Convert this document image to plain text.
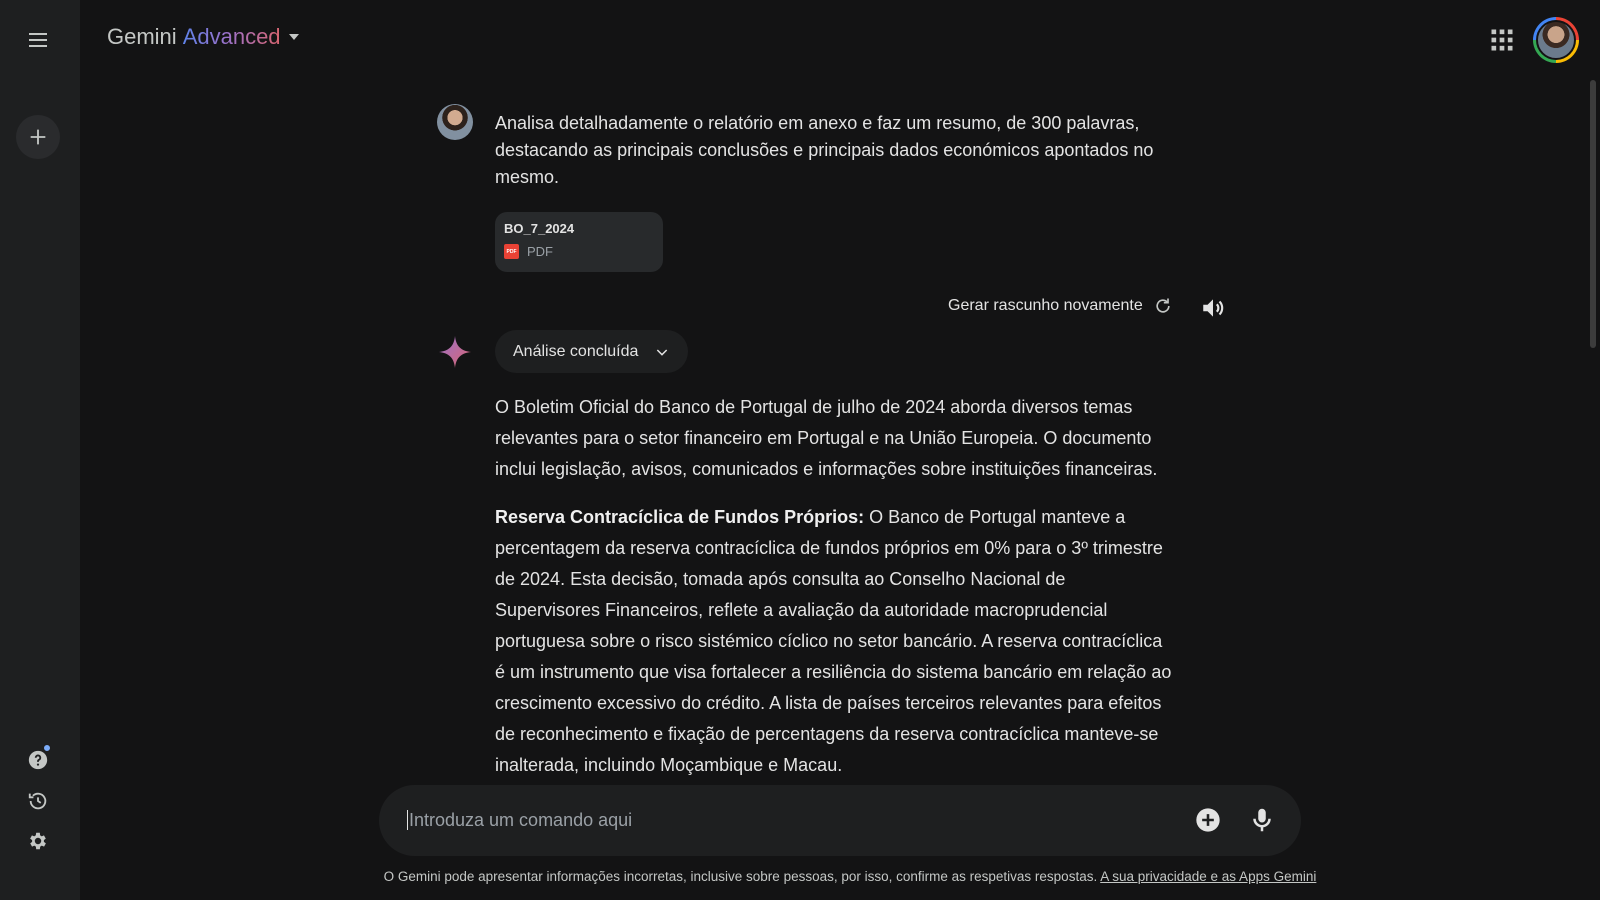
Gemini Advanced
Analisa detalhadamente o relatório em anexo e faz um resumo, de 300 palavras, destacando as principais conclusões e principais dados económicos apontados no mesmo.
BO_7_2024
PDF PDF
Gerar rascunho novamente
Análise concluída

O Boletim Oficial do Banco de Portugal de julho de 2024 aborda diversos temas relevantes para o setor financeiro em Portugal e na União Europeia. O documento inclui legislação, avisos, comunicados e informações sobre instituições financeiras.

Reserva Contracíclica de Fundos Próprios: O Banco de Portugal manteve a percentagem da reserva contracíclica de fundos próprios em 0% para o 3º trimestre de 2024. Esta decisão, tomada após consulta ao Conselho Nacional de Supervisores Financeiros, reflete a avaliação da autoridade macroprudencial portuguesa sobre o risco sistémico cíclico no setor bancário. A reserva contracíclica é um instrumento que visa fortalecer a resiliência do sistema bancário em relação ao crescimento excessivo do crédito. A lista de países terceiros relevantes para efeitos de reconhecimento e fixação de percentagens da reserva contracíclica manteve-se inalterada, incluindo Moçambique e Macau.

Introduza um comando aqui
O Gemini pode apresentar informações incorretas, inclusive sobre pessoas, por isso, confirme as respetivas respostas. A sua privacidade e as Apps Gemini
